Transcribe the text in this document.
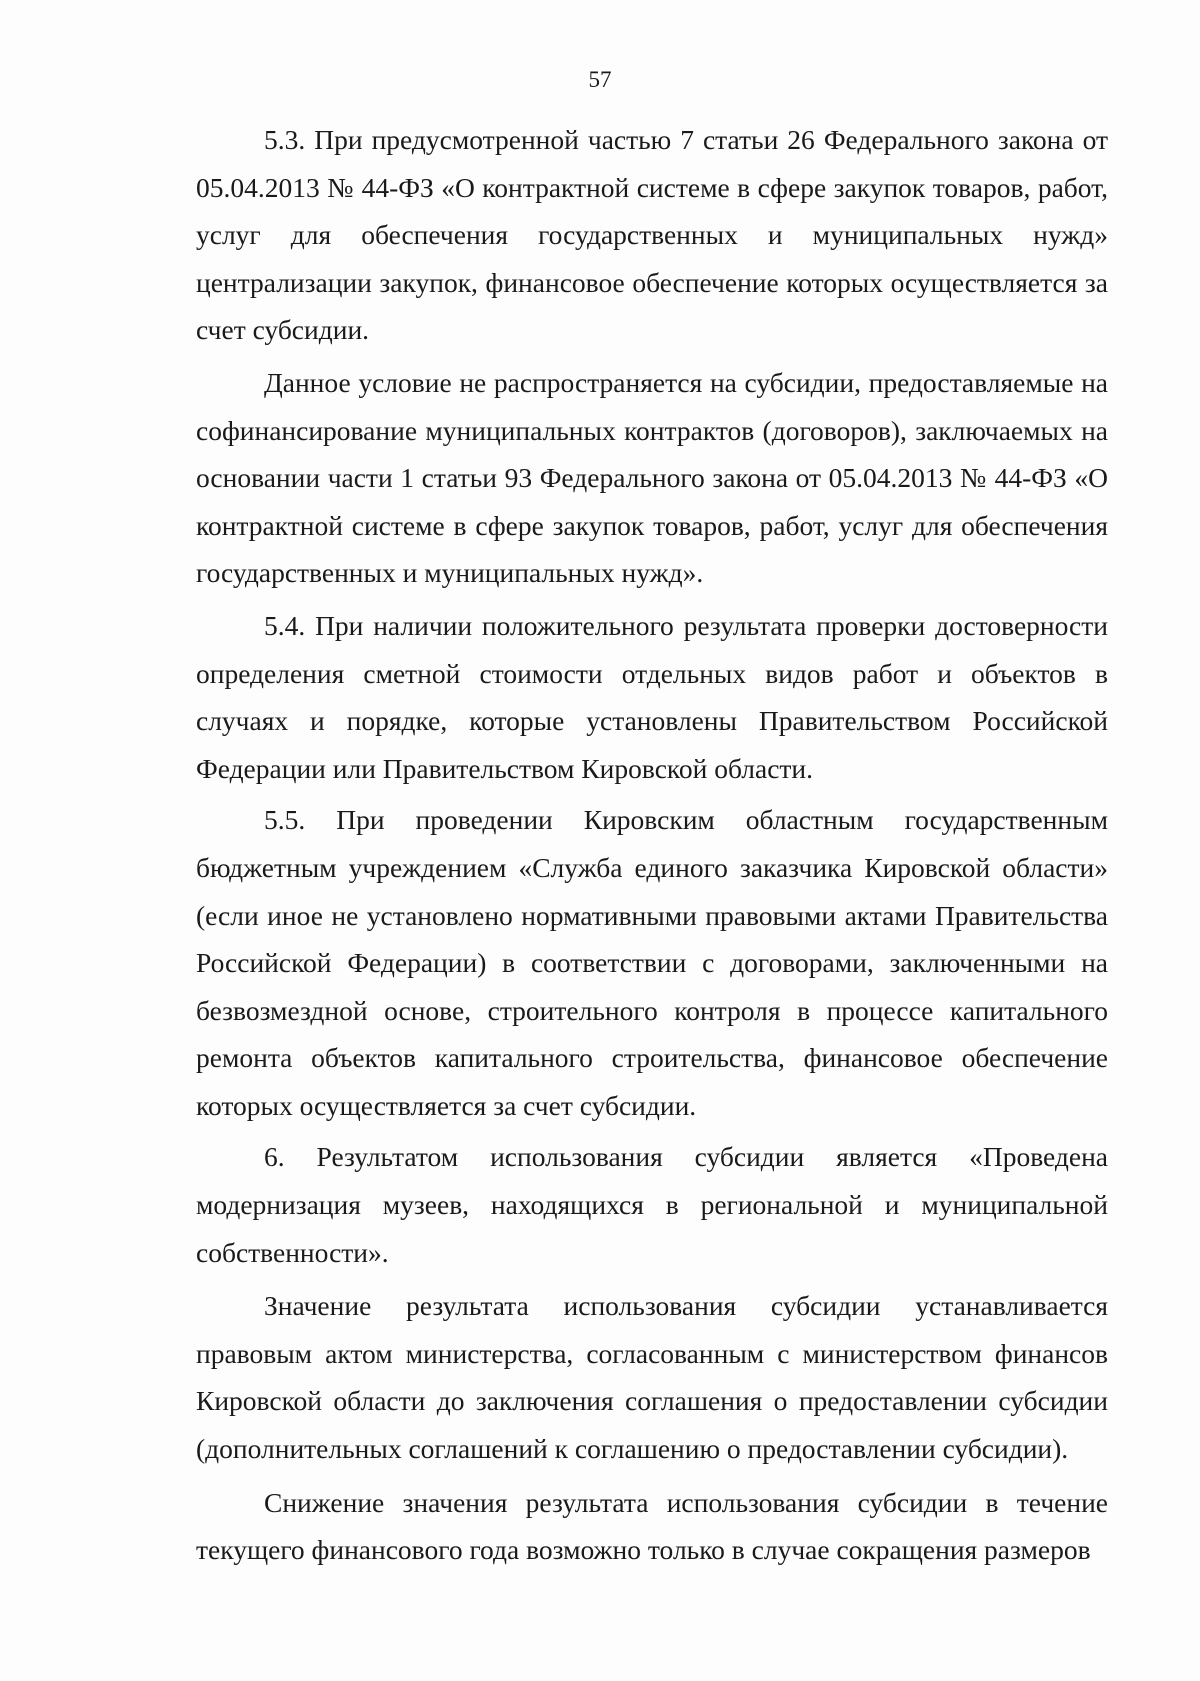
57

5.3. При предусмотренной частью 7 статьи 26 Федерального закона от 05.04.2013 № 44-ФЗ «О контрактной системе в сфере закупок товаров, работ, услуг для обеспечения государственных и муниципальных нужд» централизации закупок, финансовое обеспечение которых осуществляется за счет субсидии.

Данное условие не распространяется на субсидии, предоставляемые на софинансирование муниципальных контрактов (договоров), заключаемых на основании части 1 статьи 93 Федерального закона от 05.04.2013 № 44-ФЗ «О контрактной системе в сфере закупок товаров, работ, услуг для обеспечения государственных и муниципальных нужд».

5.4. При наличии положительного результата проверки достоверности определения сметной стоимости отдельных видов работ и объектов в случаях и порядке, которые установлены Правительством Российской Федерации или Правительством Кировской области.

5.5. При проведении Кировским областным государственным бюджетным учреждением «Служба единого заказчика Кировской области» (если иное не установлено нормативными правовыми актами Правительства Российской Федерации) в соответствии с договорами, заключенными на безвозмездной основе, строительного контроля в процессе капитального ремонта объектов капитального строительства, финансовое обеспечение которых осуществляется за счет субсидии.

6. Результатом использования субсидии является «Проведена модернизация музеев, находящихся в региональной и муниципальной собственности».

Значение результата использования субсидии устанавливается правовым актом министерства, согласованным с министерством финансов Кировской области до заключения соглашения о предоставлении субсидии (дополнительных соглашений к соглашению о предоставлении субсидии).

Снижение значения результата использования субсидии в течение текущего финансового года возможно только в случае сокращения размеров
